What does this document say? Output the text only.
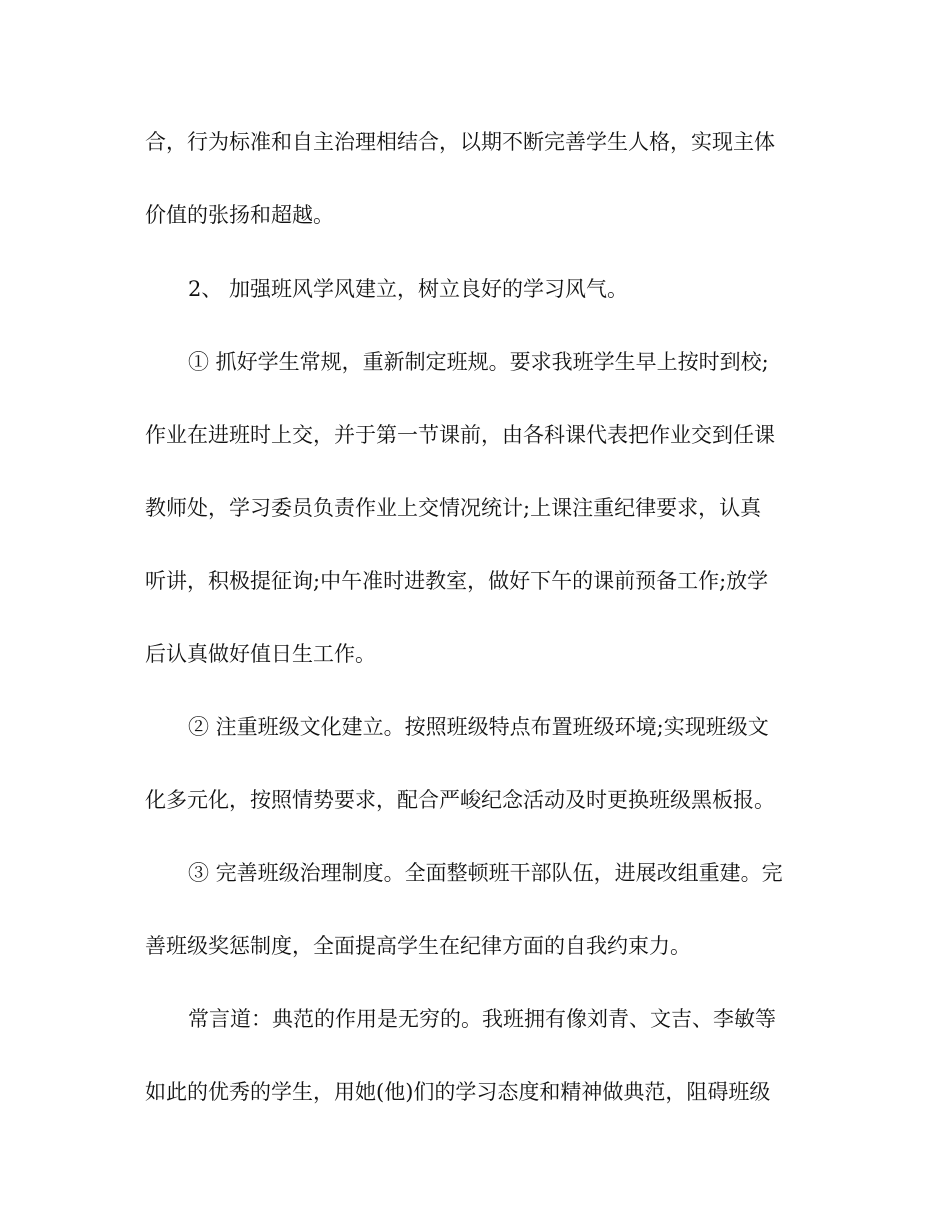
合，行为标准和自主治理相结合，以期不断完善学生人格，实现主体
价值的张扬和超越。
2、 加强班风学风建立，树立良好的学习风气。
① 抓好学生常规，重新制定班规。要求我班学生早上按时到校;
作业在进班时上交，并于第一节课前，由各科课代表把作业交到任课
教师处，学习委员负责作业上交情况统计;上课注重纪律要求，认真
听讲，积极提征询;中午准时进教室，做好下午的课前预备工作;放学
后认真做好值日生工作。
② 注重班级文化建立。按照班级特点布置班级环境;实现班级文
化多元化，按照情势要求，配合严峻纪念活动及时更换班级黑板报。
③ 完善班级治理制度。全面整顿班干部队伍，进展改组重建。完
善班级奖惩制度，全面提高学生在纪律方面的自我约束力。
常言道：典范的作用是无穷的。我班拥有像刘青、文吉、李敏等
如此的优秀的学生，用她(他)们的学习态度和精神做典范，阻碍班级
